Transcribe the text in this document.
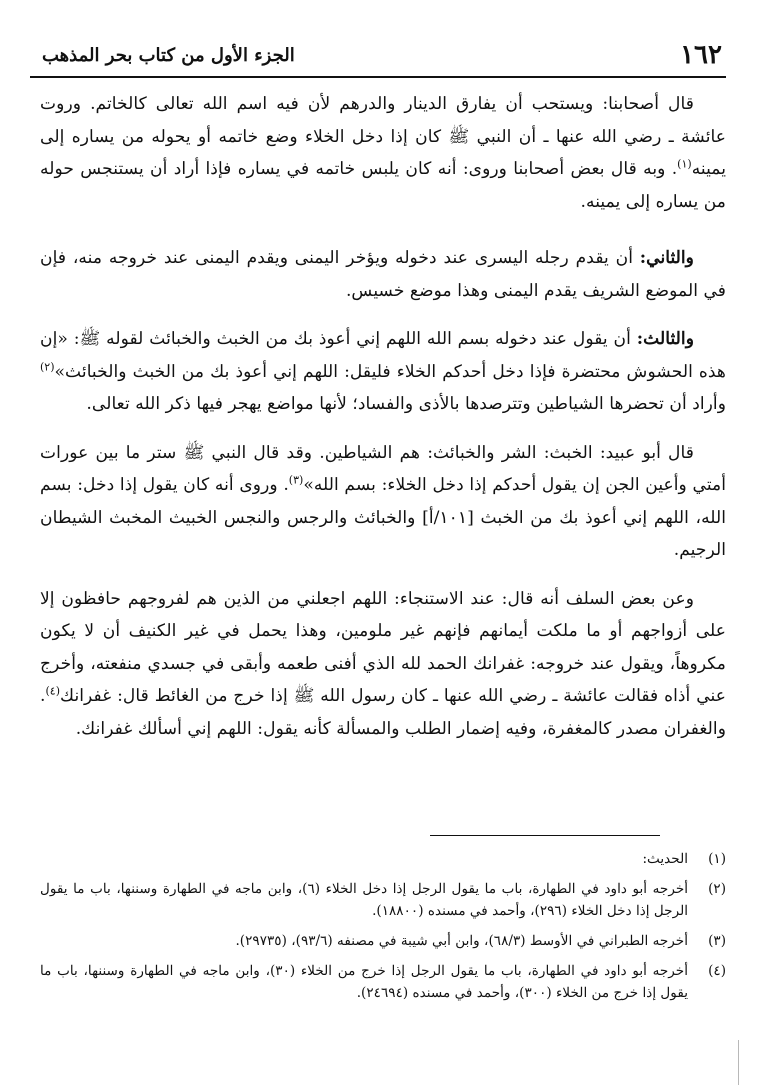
١٦٢
الجزء الأول من كتاب بحر المذهب

قال أصحابنا: ويستحب أن يفارق الدينار والدرهم لأن فيه اسم الله تعالى كالخاتم. وروت عائشة ـ رضي الله عنها ـ أن النبي ﷺ كان إذا دخل الخلاء وضع خاتمه أو يحوله من يساره إلى يمينه$^{(١)}$. وبه قال بعض أصحابنا وروى: أنه كان يلبس خاتمه في يساره فإذا أراد أن يستنجس حوله من يساره إلى يمينه.

والثاني: أن يقدم رجله اليسرى عند دخوله ويؤخر اليمنى ويقدم اليمنى عند خروجه منه، فإن في الموضع الشريف يقدم اليمنى وهذا موضع خسيس.

والثالث: أن يقول عند دخوله بسم الله اللهم إني أعوذ بك من الخبث والخبائث لقوله ﷺ: «إن هذه الحشوش محتضرة فإذا دخل أحدكم الخلاء فليقل: اللهم إني أعوذ بك من الخبث والخبائث»$^{(٢)}$ وأراد أن تحضرها الشياطين وتترصدها بالأذى والفساد؛ لأنها مواضع يهجر فيها ذكر الله تعالى.

قال أبو عبيد: الخبث: الشر والخبائث: هم الشياطين. وقد قال النبي ﷺ ستر ما بين عورات أمتي وأعين الجن إن يقول أحدكم إذا دخل الخلاء: بسم الله»$^{(٣)}$. وروى أنه كان يقول إذا دخل: بسم الله، اللهم إني أعوذ بك من الخبث [١٠١/أ] والخبائث والرجس والنجس الخبيث المخبث الشيطان الرجيم.

وعن بعض السلف أنه قال: عند الاستنجاء: اللهم اجعلني من الذين هم لفروجهم حافظون إلا على أزواجهم أو ما ملكت أيمانهم فإنهم غير ملومين، وهذا يحمل في غير الكنيف أن لا يكون مكروهاً، ويقول عند خروجه: غفرانك الحمد لله الذي أفنى طعمه وأبقى في جسدي منفعته، وأخرج عني أذاه فقالت عائشة ـ رضي الله عنها ـ كان رسول الله ﷺ إذا خرج من الغائط قال: غفرانك$^{(٤)}$. والغفران مصدر كالمغفرة، وفيه إضمار الطلب والمسألة كأنه يقول: اللهم إني أسألك غفرانك.

(١)
الحديث:
(٢)
أخرجه أبو داود في الطهارة، باب ما يقول الرجل إذا دخل الخلاء (٦)، وابن ماجه في الطهارة وسننها، باب ما يقول الرجل إذا دخل الخلاء (٢٩٦)، وأحمد في مسنده (١٨٨٠٠).
(٣)
أخرجه الطبراني في الأوسط (٦٨/٣)، وابن أبي شيبة في مصنفه (٩٣/٦)، (٢٩٧٣٥).
(٤)
أخرجه أبو داود في الطهارة، باب ما يقول الرجل إذا خرج من الخلاء (٣٠)، وابن ماجه في الطهارة وسننها، باب ما يقول إذا خرج من الخلاء (٣٠٠)، وأحمد في مسنده (٢٤٦٩٤).
